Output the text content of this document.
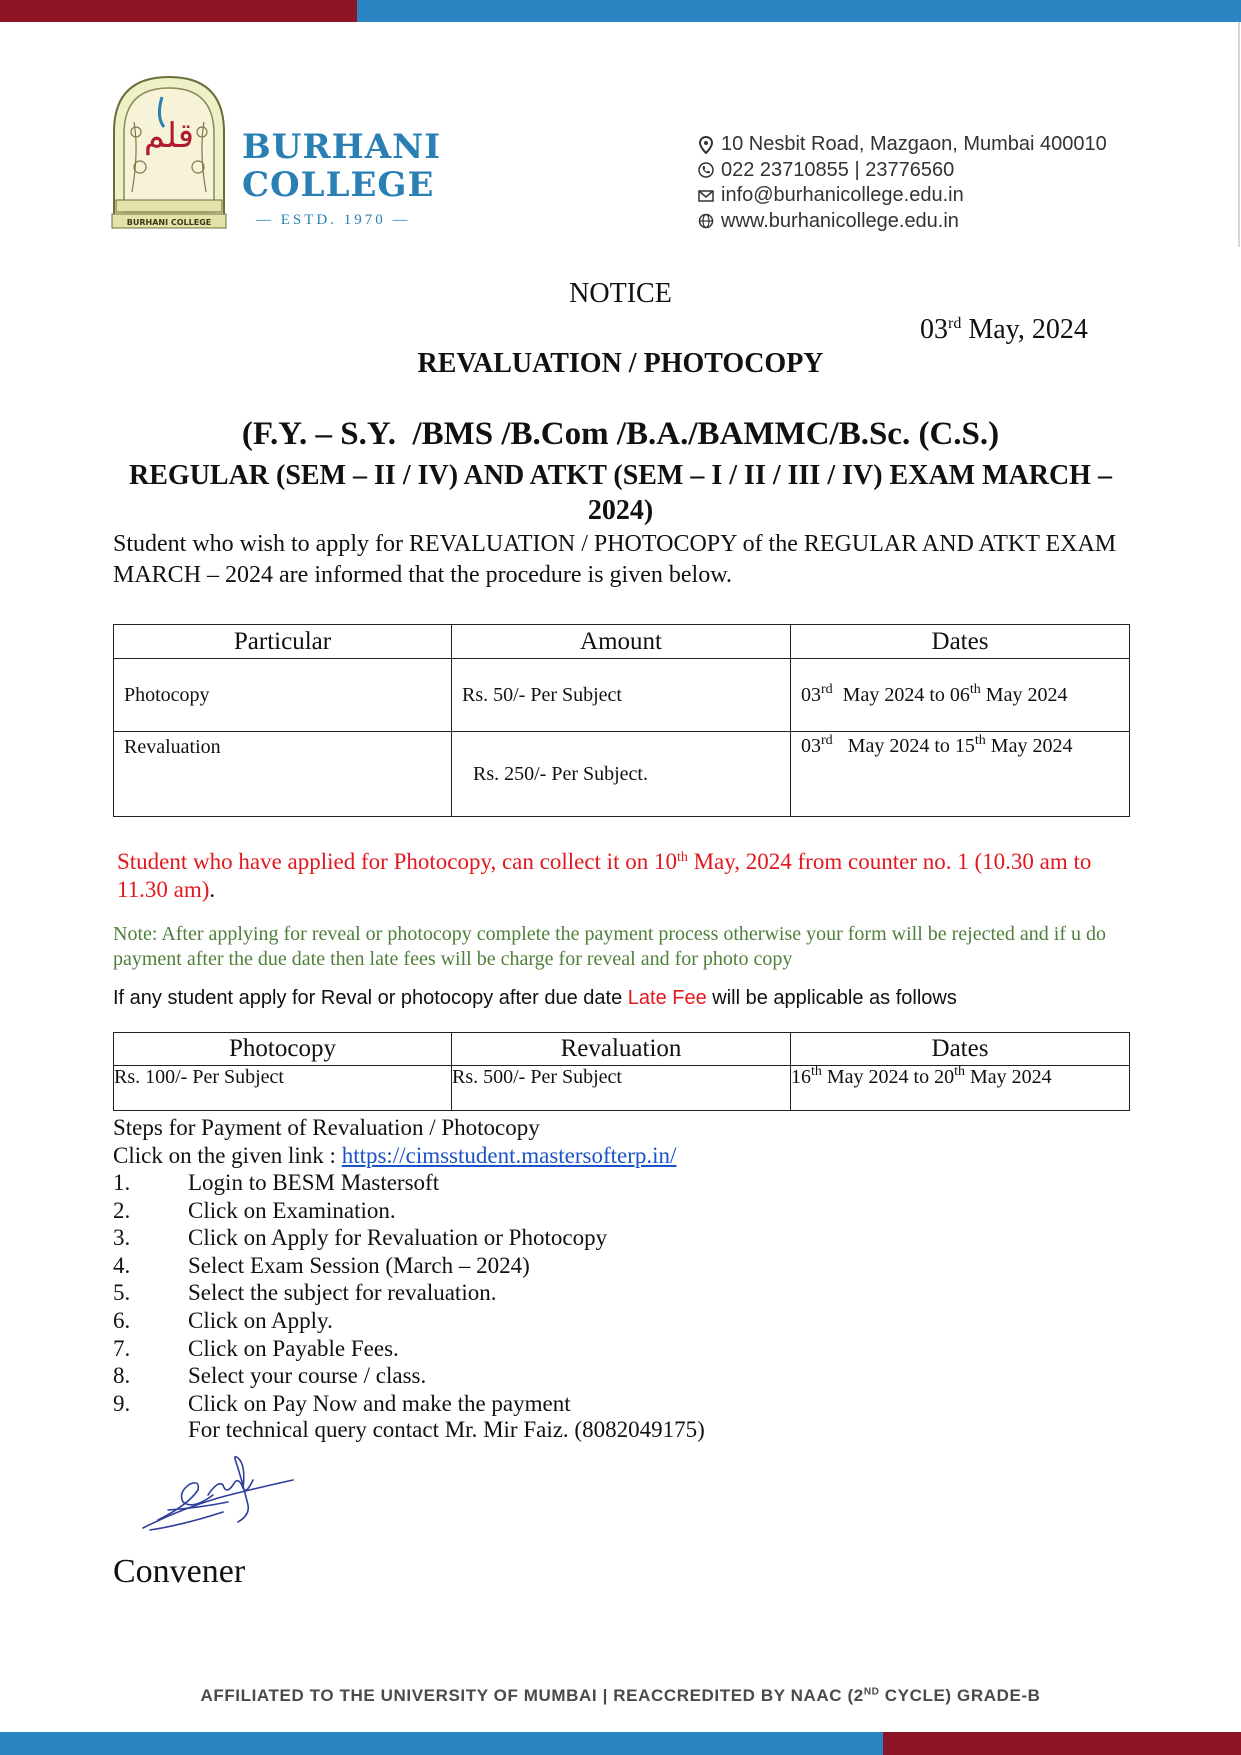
قلم
BURHANI COLLEGE
BURHANI
COLLEGE
— ESTD. 1970 —
10 Nesbit Road, Mazgaon, Mumbai 400010
022 23710855 | 23776560
info@burhanicollege.edu.in
www.burhanicollege.edu.in
NOTICE
03rd May, 2024
REVALUATION / PHOTOCOPY
(F.Y. – S.Y.  /BMS /B.Com /B.A./BAMMC/B.Sc. (C.S.)
REGULAR (SEM – II / IV) AND ATKT (SEM – I / II / III / IV) EXAM MARCH – 2024)
Student who wish to apply for REVALUATION / PHOTOCOPY of the REGULAR AND ATKT EXAM MARCH – 2024 are informed that the procedure is given below.
Particular	Amount	Dates
Photocopy	Rs. 50/- Per Subject	03rd  May 2024 to 06th May 2024
Revaluation	Rs. 250/- Per Subject.	03rd   May 2024 to 15th May 2024
Student who have applied for Photocopy, can collect it on 10th May, 2024 from counter no. 1 (10.30 am to 11.30 am).
Note: After applying for reveal or photocopy complete the payment process otherwise your form will be rejected and if u do payment after the due date then late fees will be charge for reveal and for photo copy
If any student apply for Reval or photocopy after due date Late Fee will be applicable as follows
Photocopy	Revaluation	Dates
Rs. 100/- Per Subject	Rs. 500/- Per Subject	16th May 2024 to 20th May 2024
Steps for Payment of Revaluation / Photocopy
Click on the given link : https://cimsstudent.mastersofterp.in/
1.	Login to BESM Mastersoft
2.	Click on Examination.
3.	Click on Apply for Revaluation or Photocopy
4.	Select Exam Session (March – 2024)
5.	Select the subject for revaluation.
6.	Click on Apply.
7.	Click on Payable Fees.
8.	Select your course / class.
9.	Click on Pay Now and make the payment
For technical query contact Mr. Mir Faiz. (8082049175)
Convener
AFFILIATED TO THE UNIVERSITY OF MUMBAI | REACCREDITED BY NAAC (2ND CYCLE) GRADE-B
